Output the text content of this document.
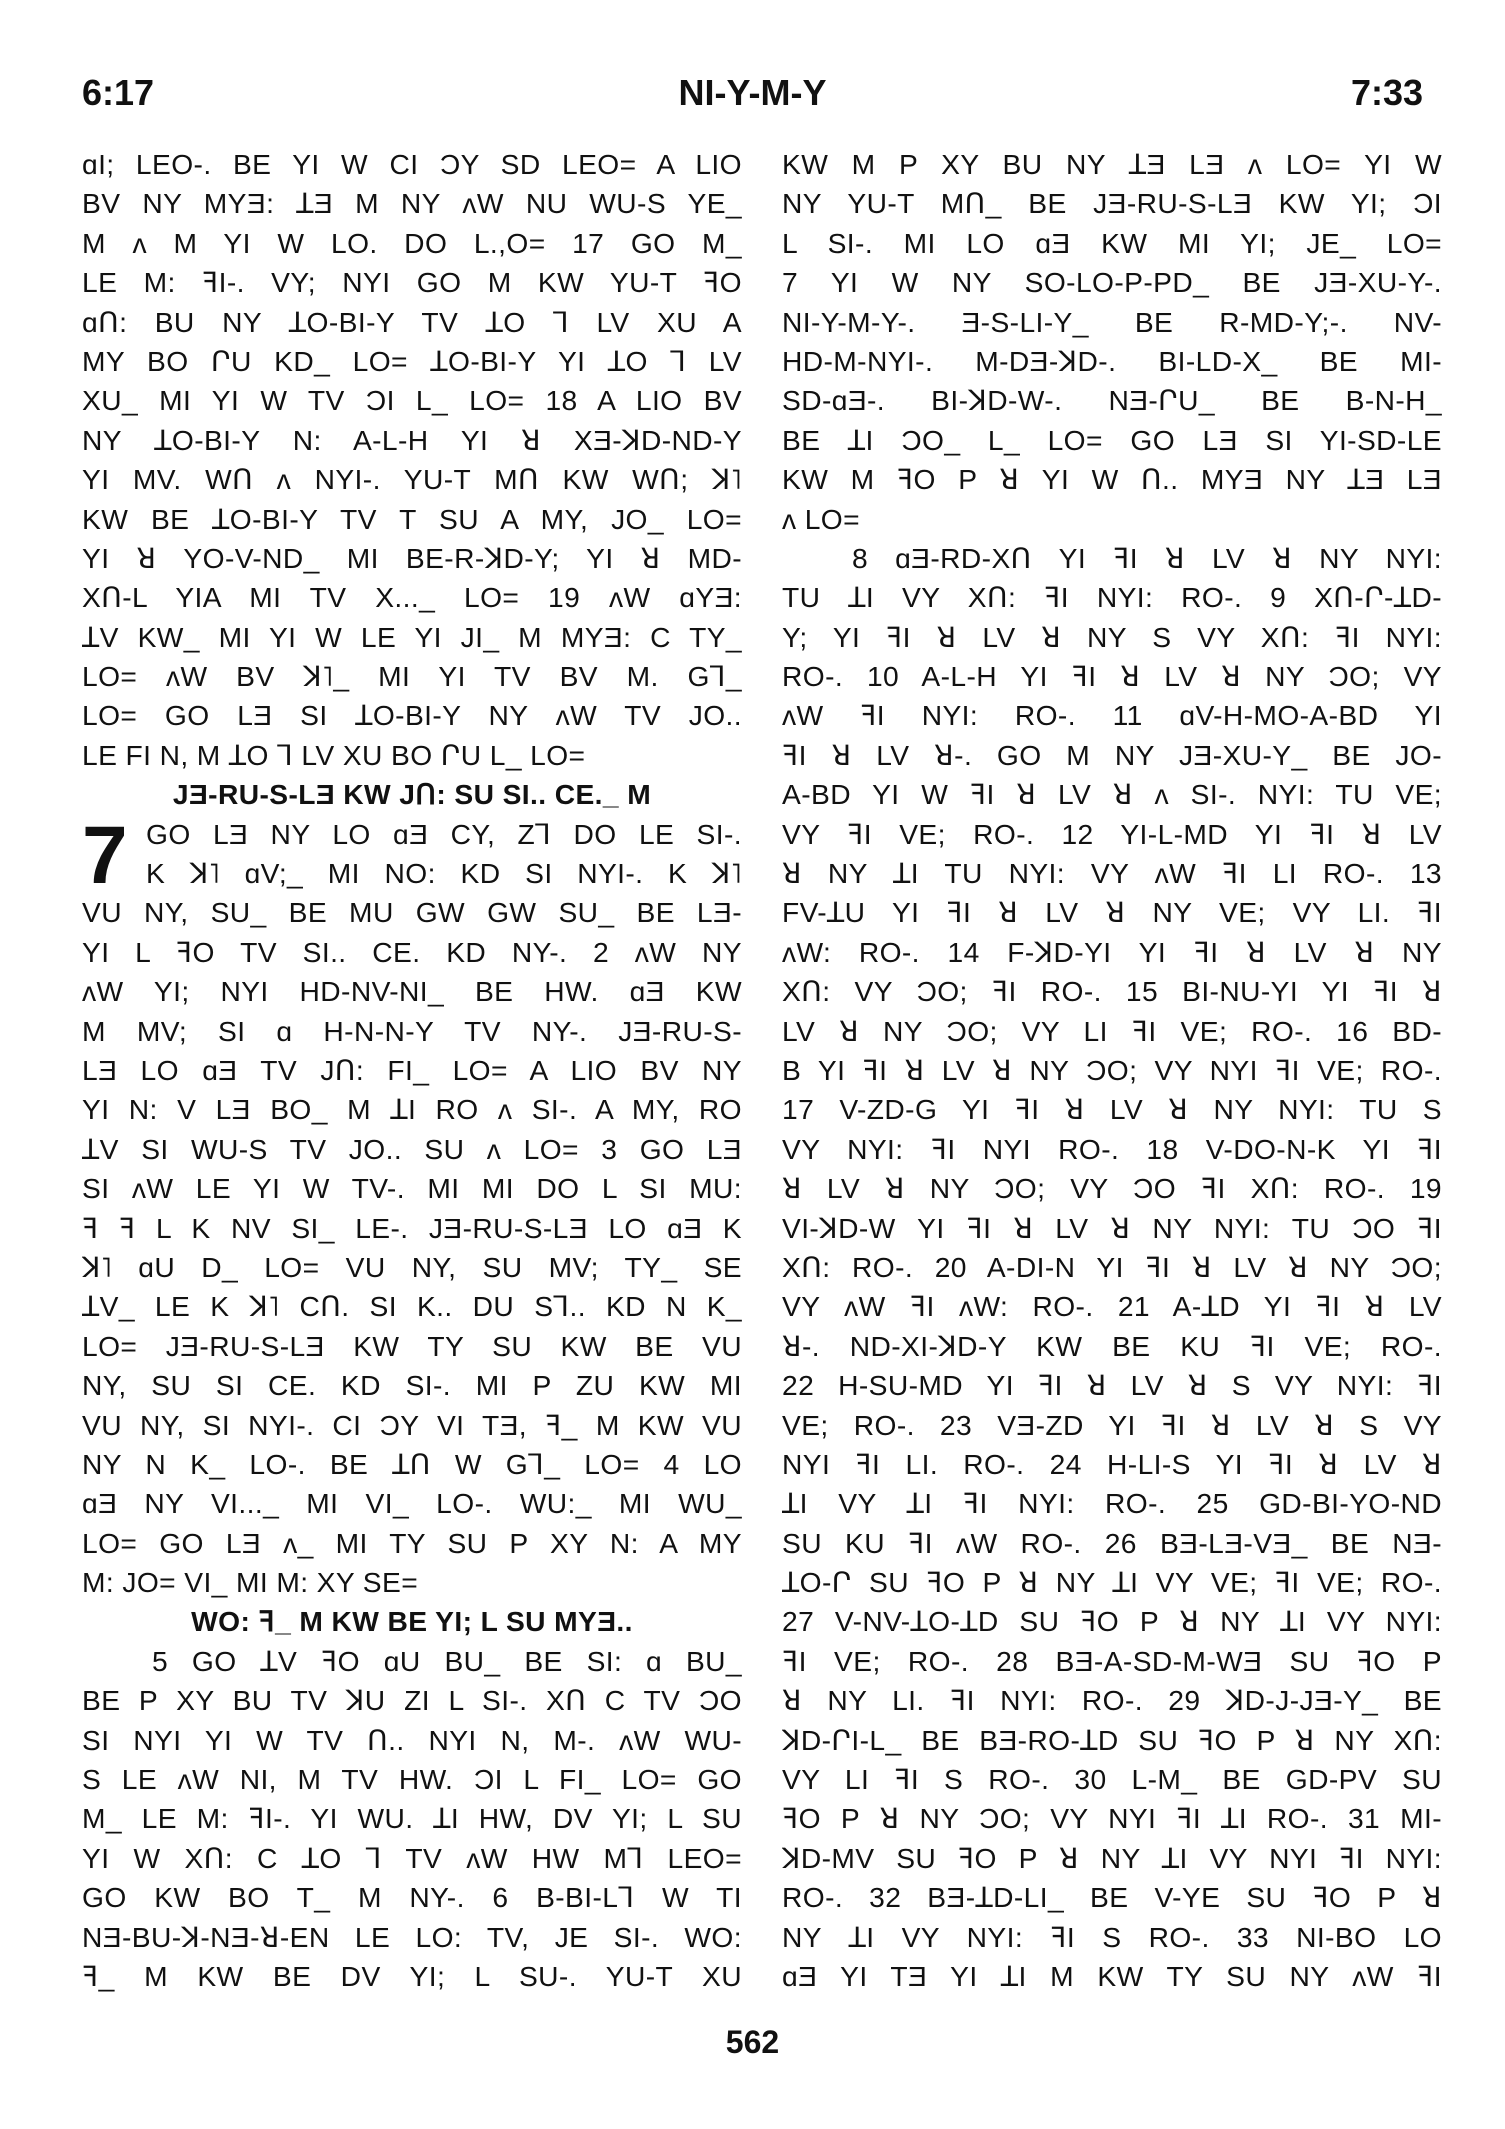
6:17	NI-Y-M-Y	7:33
7
ɑI; LEO-. BE YI W CI ƆY SD LEO= A LIO
BV NY MYƎ: ꓕƎ M NY ʌW NU WU-S YE_
M ʌ M YI W LO. DO L.,O= 17 GO M_
LE M: ꟻI-. VY; NYI GO M KW YU-T ꟻO
ɑՈ: BU NY ꓕO-BI-Y TV ꓕO ⅂ LV XU A
MY BO ՐU KD_ LO= ꓕO-BI-Y YI ꓕO ⅂ LV
XU_ MI YI W TV ƆI L_ LO= 18 A LIO BV
NY ꓕO-BI-Y N: A-L-H YI ꓤ XƎ-ꓘD-ND-Y
YI MV. WՈ ʌ NYI-. YU-T MՈ KW WՈ; ꓘ˥
KW BE ꓕO-BI-Y TV T SU A MY, JO_ LO=
YI ꓤ YO-V-ND_ MI BE-R-ꓘD-Y; YI ꓤ MD-
XՈ-L YIA MI TV X..._ LO= 19 ʌW ɑYƎ:
ꓕV KW_ MI YI W LE YI JI_ M MYƎ: C TY_
LO= ʌW BV ꓘ˥_ MI YI TV BV M. G⅂_
LO= GO LƎ SI ꓕO-BI-Y NY ʌW TV JO..
LE FI N, M ꓕO ⅂ LV XU BO ՐU L_ LO=
JƎ-RU-S-LƎ KW JՈ: SU SI.. CE._ M
GO LƎ NY LO ɑƎ CY, Z⅂ DO LE SI-.
K ꓘ˥ ɑV;_ MI NO: KD SI NYI-. K ꓘ˥
VU NY, SU_ BE MU GW GW SU_ BE LƎ-
YI L ꟻO TV SI.. CE. KD NY-. 2 ʌW NY
ʌW YI; NYI HD-NV-NI_ BE HW. ɑƎ KW
M MV; SI ɑ H-N-N-Y TV NY-. JƎ-RU-S-
LƎ LO ɑƎ TV JՈ: FI_ LO= A LIO BV NY
YI N: V LƎ BO_ M ꓕI RO ʌ SI-. A MY, RO
ꓕV SI WU-S TV JO.. SU ʌ LO= 3 GO LƎ
SI ʌW LE YI W TV-. MI MI DO L SI MU:
ꟻ ꟻ L K NV SI_ LE-. JƎ-RU-S-LƎ LO ɑƎ K
ꓘ˥ ɑU D_ LO= VU NY, SU MV; TY_ SE
ꓕV_ LE K ꓘ˥ CՈ. SI K.. DU S⅂.. KD N K_
LO= JƎ-RU-S-LƎ KW TY SU KW BE VU
NY, SU SI CE. KD SI-. MI P ZU KW MI
VU NY, SI NYI-. CI ƆY VI TƎ, ꟻ_ M KW VU
NY N K_ LO-. BE ꓕՈ W G⅂_ LO= 4 LO
ɑƎ NY VI..._ MI VI_ LO-. WU:_ MI WU_
LO= GO LƎ ʌ_ MI TY SU P XY N: A MY
M: JO= VI_ MI M: XY SE=
WO: ꟻ_ M KW BE YI; L SU MYƎ..
5 GO ꓕV ꟻO ɑU BU_ BE SI: ɑ BU_
BE P XY BU TV ꓘU ZI L SI-. XՈ C TV ƆO
SI NYI YI W TV Ո.. NYI N, M-. ʌW WU-
S LE ʌW NI, M TV HW. ƆI L FI_ LO= GO
M_ LE M: ꟻI-. YI WU. ꓕI HW, DV YI; L SU
YI W XՈ: C ꓕO ⅂ TV ʌW HW M⅂ LEO=
GO KW BO T_ M NY-. 6 B-BI-L⅂ W TI
NƎ-BU-ꓘ-NƎ-ꓤ-EN LE LO: TV, JE SI-. WO:
ꟻ_ M KW BE DV YI; L SU-. YU-T XU
KW M P XY BU NY ꓕƎ LƎ ʌ LO= YI W
NY YU-T MՈ_ BE JƎ-RU-S-LƎ KW YI; ƆI
L SI-. MI LO ɑƎ KW MI YI; JE_ LO=
7 YI W NY SO-LO-P-PD_ BE JƎ-XU-Y-.
NI-Y-M-Y-. Ǝ-S-LI-Y_ BE R-MD-Y;-. NV-
HD-M-NYI-. M-DƎ-ꓘD-. BI-LD-X_ BE MI-
SD-ɑƎ-. BI-ꓘD-W-. NƎ-ՐU_ BE B-N-H_
BE ꓕI ƆO_ L_ LO= GO LƎ SI YI-SD-LE
KW M ꟻO P ꓤ YI W Ո.. MYƎ NY ꓕƎ LƎ
ʌ LO=
8 ɑƎ-RD-XՈ YI ꟻI ꓤ LV ꓤ NY NYI:
TU ꓕI VY XՈ: ꟻI NYI: RO-. 9 XՈ-Ր-ꓕD-
Y; YI ꟻI ꓤ LV ꓤ NY S VY XՈ: ꟻI NYI:
RO-. 10 A-L-H YI ꟻI ꓤ LV ꓤ NY ƆO; VY
ʌW ꟻI NYI: RO-. 11 ɑV-H-MO-A-BD YI
ꟻI ꓤ LV ꓤ-. GO M NY JƎ-XU-Y_ BE JO-
A-BD YI W ꟻI ꓤ LV ꓤ ʌ SI-. NYI: TU VE;
VY ꟻI VE; RO-. 12 YI-L-MD YI ꟻI ꓤ LV
ꓤ NY ꓕI TU NYI: VY ʌW ꟻI LI RO-. 13
FV-ꓕU YI ꟻI ꓤ LV ꓤ NY VE; VY LI. ꟻI
ʌW: RO-. 14 F-ꓘD-YI YI ꟻI ꓤ LV ꓤ NY
XՈ: VY ƆO; ꟻI RO-. 15 BI-NU-YI YI ꟻI ꓤ
LV ꓤ NY ƆO; VY LI ꟻI VE; RO-. 16 BD-
B YI ꟻI ꓤ LV ꓤ NY ƆO; VY NYI ꟻI VE; RO-.
17 V-ZD-G YI ꟻI ꓤ LV ꓤ NY NYI: TU S
VY NYI: ꟻI NYI RO-. 18 V-DO-N-K YI ꟻI
ꓤ LV ꓤ NY ƆO; VY ƆO ꟻI XՈ: RO-. 19
VI-ꓘD-W YI ꟻI ꓤ LV ꓤ NY NYI: TU ƆO ꟻI
XՈ: RO-. 20 A-DI-N YI ꟻI ꓤ LV ꓤ NY ƆO;
VY ʌW ꟻI ʌW: RO-. 21 A-ꓕD YI ꟻI ꓤ LV
ꓤ-. ND-XI-ꓘD-Y KW BE KU ꟻI VE; RO-.
22 H-SU-MD YI ꟻI ꓤ LV ꓤ S VY NYI: ꟻI
VE; RO-. 23 VƎ-ZD YI ꟻI ꓤ LV ꓤ S VY
NYI ꟻI LI. RO-. 24 H-LI-S YI ꟻI ꓤ LV ꓤ
ꓕI VY ꓕI ꟻI NYI: RO-. 25 GD-BI-YO-ND
SU KU ꟻI ʌW RO-. 26 BƎ-LƎ-VƎ_ BE NƎ-
ꓕO-Ր SU ꟻO P ꓤ NY ꓕI VY VE; ꟻI VE; RO-.
27 V-NV-ꓕO-ꓕD SU ꟻO P ꓤ NY ꓕI VY NYI:
ꟻI VE; RO-. 28 BƎ-A-SD-M-WƎ SU ꟻO P
ꓤ NY LI. ꟻI NYI: RO-. 29 ꓘD-J-JƎ-Y_ BE
ꓘD-ՐI-L_ BE BƎ-RO-ꓕD SU ꟻO P ꓤ NY XՈ:
VY LI ꟻI S RO-. 30 L-M_ BE GD-PV SU
ꟻO P ꓤ NY ƆO; VY NYI ꟻI ꓕI RO-. 31 MI-
ꓘD-MV SU ꟻO P ꓤ NY ꓕI VY NYI ꟻI NYI:
RO-. 32 BƎ-ꓕD-LI_ BE V-YE SU ꟻO P ꓤ
NY ꓕI VY NYI: ꟻI S RO-. 33 NI-BO LO
ɑƎ YI TƎ YI ꓕI M KW TY SU NY ʌW ꟻI
562
